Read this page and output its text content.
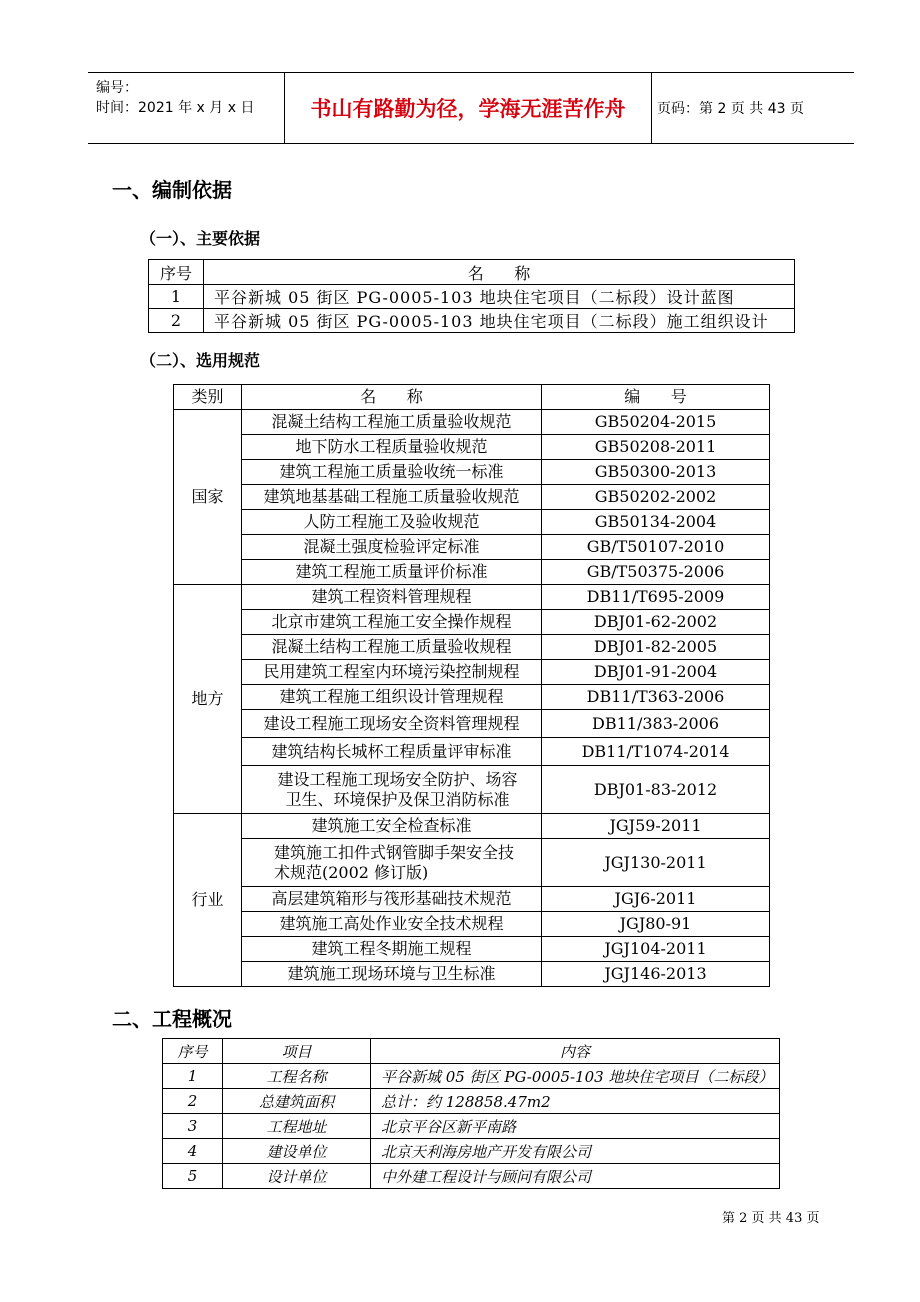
编号：
时间：2021 年 x 月 x 日	书山有路勤为径，学海无涯苦作舟	页码：第 2 页 共 43 页
一、编制依据
（一）、主要依据
序号	名      称
1	平谷新城 05 街区 PG-0005-103 地块住宅项目（二标段）设计蓝图
2	平谷新城 05 街区 PG-0005-103 地块住宅项目（二标段）施工组织设计
（二）、选用规范
类别	名      称	编      号
国家	混凝土结构工程施工质量验收规范	GB50204-2015
	地下防水工程质量验收规范	GB50208-2011
	建筑工程施工质量验收统一标准	GB50300-2013
	建筑地基基础工程施工质量验收规范	GB50202-2002
	人防工程施工及验收规范	GB50134-2004
	混凝土强度检验评定标准	GB/T50107-2010
	建筑工程施工质量评价标准	GB/T50375-2006
地方	建筑工程资料管理规程	DB11/T695-2009
	北京市建筑工程施工安全操作规程	DBJ01-62-2002
	混凝土结构工程施工质量验收规程	DBJ01-82-2005
	民用建筑工程室内环境污染控制规程	DBJ01-91-2004
	建筑工程施工组织设计管理规程	DB11/T363-2006
	建设工程施工现场安全资料管理规程	DB11/383-2006
	建筑结构长城杯工程质量评审标准	DB11/T1074-2014
	建设工程施工现场安全防护、场容卫生、环境保护及保卫消防标准	DBJ01-83-2012
行业	建筑施工安全检查标准	JGJ59-2011
	建筑施工扣件式钢管脚手架安全技术规范(2002 修订版)	JGJ130-2011
	高层建筑箱形与筏形基础技术规范	JGJ6-2011
	建筑施工高处作业安全技术规程	JGJ80-91
	建筑工程冬期施工规程	JGJ104-2011
	建筑施工现场环境与卫生标准	JGJ146-2013
二、工程概况
序号	项目	内容
1	工程名称	平谷新城 05 街区 PG-0005-103 地块住宅项目（二标段）
2	总建筑面积	总计：约 128858.47m2
3	工程地址	北京平谷区新平南路
4	建设单位	北京天利海房地产开发有限公司
5	设计单位	中外建工程设计与顾问有限公司
第 2 页 共 43 页
